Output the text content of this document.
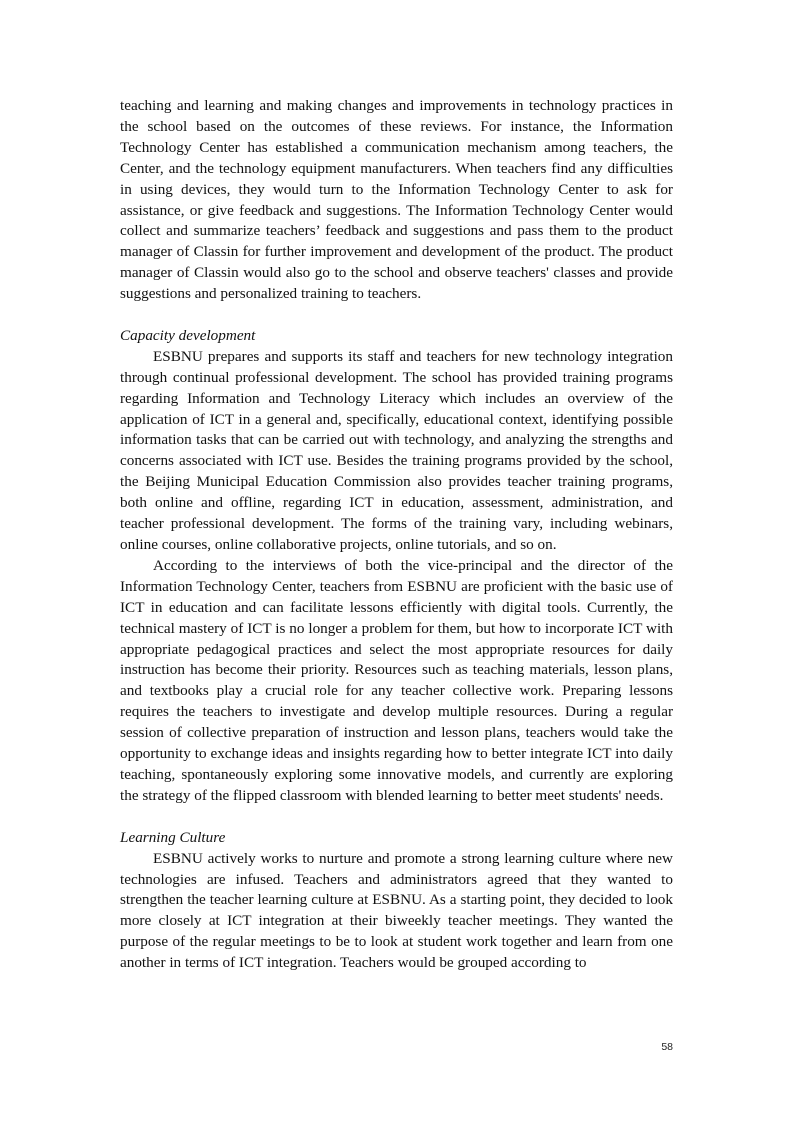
teaching and learning and making changes and improvements in technology practices in the school based on the outcomes of these reviews. For instance, the Information Technology Center has established a communication mechanism among teachers, the Center, and the technology equipment manufacturers. When teachers find any difficulties in using devices, they would turn to the Information Technology Center to ask for assistance, or give feedback and suggestions. The Information Technology Center would collect and summarize teachers’ feedback and suggestions and pass them to the product manager of Classin for further improvement and development of the product. The product manager of Classin would also go to the school and observe teachers' classes and provide suggestions and personalized training to teachers.

Capacity development

ESBNU prepares and supports its staff and teachers for new technology integration through continual professional development. The school has provided training programs regarding Information and Technology Literacy which includes an overview of the application of ICT in a general and, specifically, educational context, identifying possible information tasks that can be carried out with technology, and analyzing the strengths and concerns associated with ICT use. Besides the training programs provided by the school, the Beijing Municipal Education Commission also provides teacher training programs, both online and offline, regarding ICT in education, assessment, administration, and teacher professional development. The forms of the training vary, including webinars, online courses, online collaborative projects, online tutorials, and so on.

According to the interviews of both the vice-principal and the director of the Information Technology Center, teachers from ESBNU are proficient with the basic use of ICT in education and can facilitate lessons efficiently with digital tools. Currently, the technical mastery of ICT is no longer a problem for them, but how to incorporate ICT with appropriate pedagogical practices and select the most appropriate resources for daily instruction has become their priority. Resources such as teaching materials, lesson plans, and textbooks play a crucial role for any teacher collective work. Preparing lessons requires the teachers to investigate and develop multiple resources. During a regular session of collective preparation of instruction and lesson plans, teachers would take the opportunity to exchange ideas and insights regarding how to better integrate ICT into daily teaching, spontaneously exploring some innovative models, and currently are exploring the strategy of the flipped classroom with blended learning to better meet students' needs.

Learning Culture

ESBNU actively works to nurture and promote a strong learning culture where new technologies are infused. Teachers and administrators agreed that they wanted to strengthen the teacher learning culture at ESBNU. As a starting point, they decided to look more closely at ICT integration at their biweekly teacher meetings. They wanted the purpose of the regular meetings to be to look at student work together and learn from one another in terms of ICT integration. Teachers would be grouped according to

58
